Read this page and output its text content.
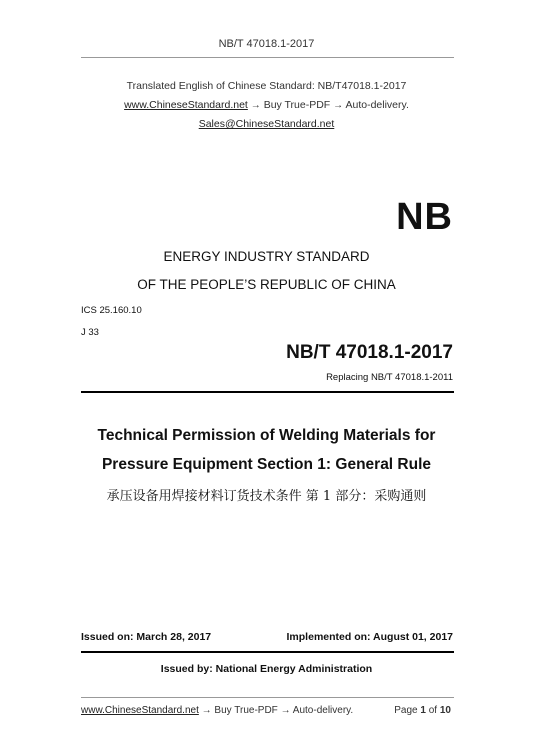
NB/T 47018.1-2017
Translated English of Chinese Standard: NB/T47018.1-2017
www.ChineseStandard.net → Buy True-PDF → Auto-delivery.
Sales@ChineseStandard.net
NB
ENERGY INDUSTRY STANDARD
OF THE PEOPLE’S REPUBLIC OF CHINA
ICS 25.160.10
J 33
NB/T 47018.1-2017
Replacing NB/T 47018.1-2011
Technical Permission of Welding Materials for
Pressure Equipment Section 1: General Rule
承压设备用焊接材料订货技术条件 第 1 部分：采购通则
Issued on: March 28, 2017	Implemented on: August 01, 2017
Issued by: National Energy Administration
www.ChineseStandard.net → Buy True-PDF → Auto-delivery.	Page 1 of 10
